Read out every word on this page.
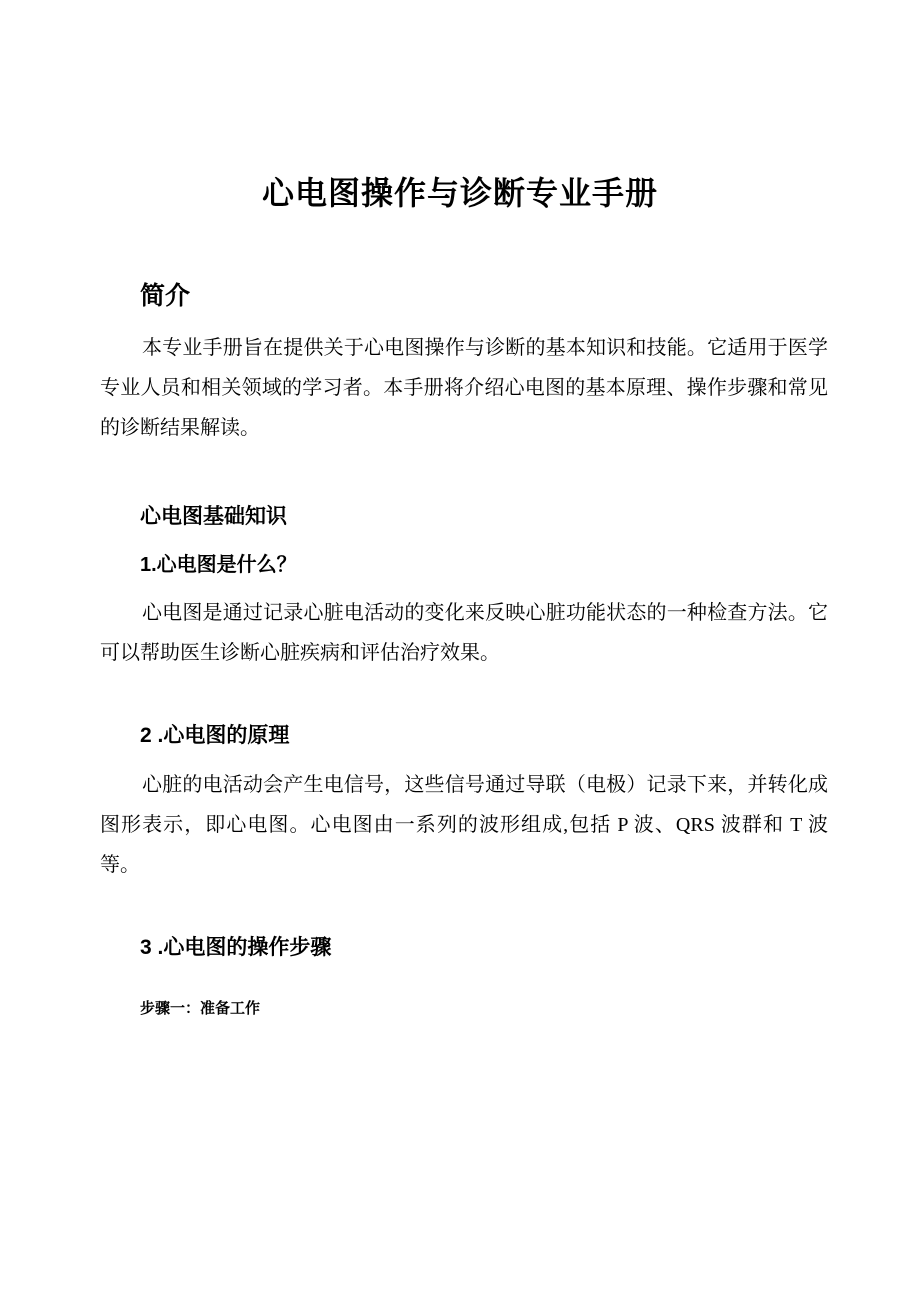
心电图操作与诊断专业手册
简介

本专业手册旨在提供关于心电图操作与诊断的基本知识和技能。它适用于医学专业人员和相关领域的学习者。本手册将介绍心电图的基本原理、操作步骤和常见的诊断结果解读。

心电图基础知识
1.心电图是什么？

心电图是通过记录心脏电活动的变化来反映心脏功能状态的一种检查方法。它可以帮助医生诊断心脏疾病和评估治疗效果。

2 .心电图的原理

心脏的电活动会产生电信号，这些信号通过导联（电极）记录下来，并转化成图形表示，即心电图。心电图由一系列的波形组成,包括 P 波、QRS 波群和 T 波等。

3 .心电图的操作步骤
步骤一：准备工作
